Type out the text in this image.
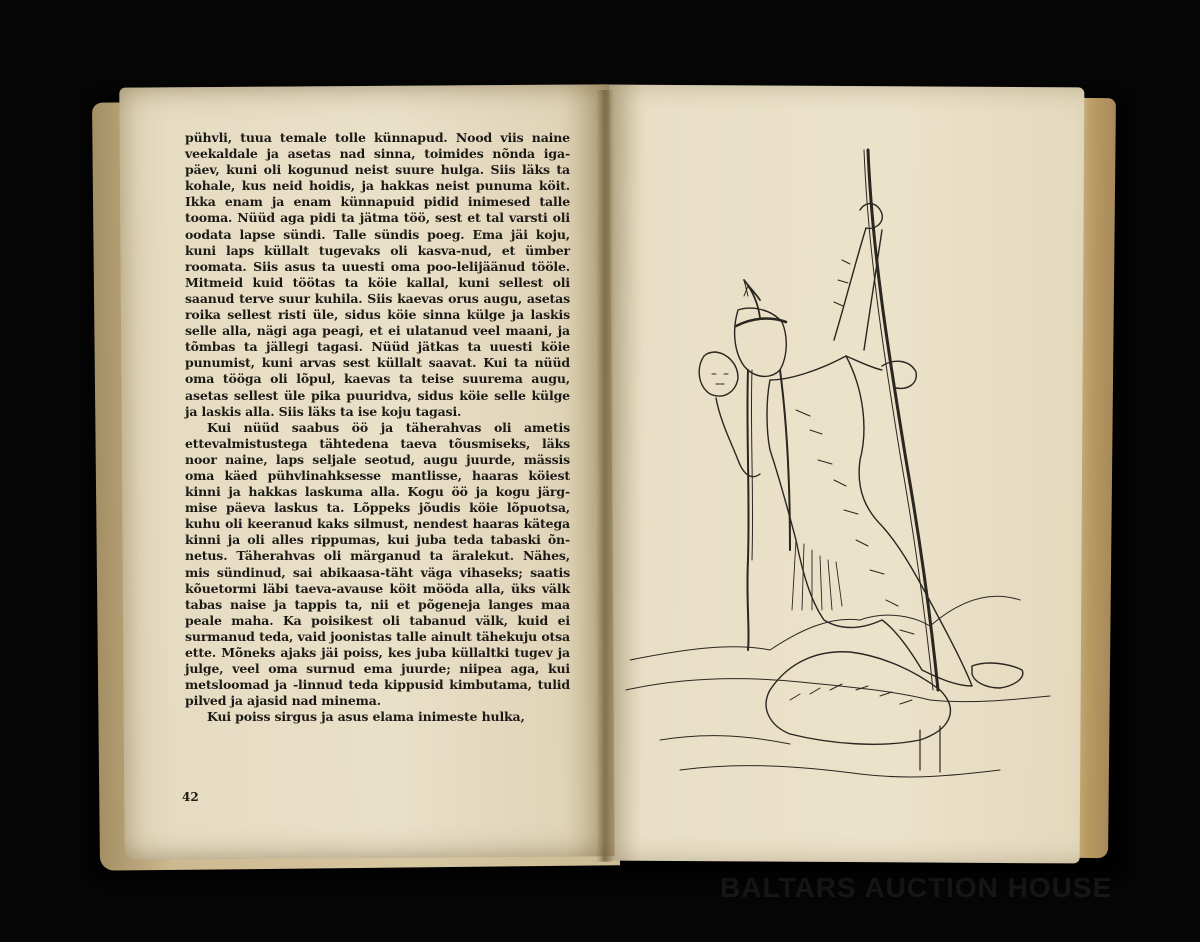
pühvli, tuua temale tolle künnapud. Nood viis naine veekaldale ja asetas nad sinna, toimides nõnda iga-päev, kuni oli kogunud neist suure hulga. Siis läks ta kohale, kus neid hoidis, ja hakkas neist punuma köit. Ikka enam ja enam künnapuid pidid inimesed talle tooma. Nüüd aga pidi ta jätma töö, sest et tal varsti oli oodata lapse sündi. Talle sündis poeg. Ema jäi koju, kuni laps küllalt tugevaks oli kasva-nud, et ümber roomata. Siis asus ta uuesti oma poo-lelijäänud tööle. Mitmeid kuid töötas ta köie kallal, kuni sellest oli saanud terve suur kuhila. Siis kaevas orus augu, asetas roika sellest risti üle, sidus köie sinna külge ja laskis selle alla, nägi aga peagi, et ei ulatanud veel maani, ja tõmbas ta jällegi tagasi. Nüüd jätkas ta uuesti köie punumist, kuni arvas sest küllalt saavat. Kui ta nüüd oma tööga oli lõpul, kaevas ta teise suurema augu, asetas sellest üle pika puuridva, sidus köie selle külge ja laskis alla. Siis läks ta ise koju tagasi.

Kui nüüd saabus öö ja täherahvas oli ametis ettevalmistustega tähtedena taeva tõusmiseks, läks noor naine, laps seljale seotud, augu juurde, mässis oma käed pühvlinahksesse mantlisse, haaras köiest kinni ja hakkas laskuma alla. Kogu öö ja kogu järg-mise päeva laskus ta. Lõppeks jõudis köie lõpuotsa, kuhu oli keeranud kaks silmust, nendest haaras kätega kinni ja oli alles rippumas, kui juba teda tabaski õn-netus. Täherahvas oli märganud ta äralekut. Nähes, mis sündinud, sai abikaasa-täht väga vihaseks; saatis kõuetormi läbi taeva-avause köit mööda alla, üks välk tabas naise ja tappis ta, nii et põgeneja langes maa peale maha. Ka poisikest oli tabanud välk, kuid ei surmanud teda, vaid joonistas talle ainult tähekuju otsa ette. Mõneks ajaks jäi poiss, kes juba küllaltki tugev ja julge, veel oma surnud ema juurde; niipea aga, kui metsloomad ja -linnud teda kippusid kimbutama, tulid pilved ja ajasid nad minema.

Kui poiss sirgus ja asus elama inimeste hulka,

42
BALTARS AUCTION HOUSE
